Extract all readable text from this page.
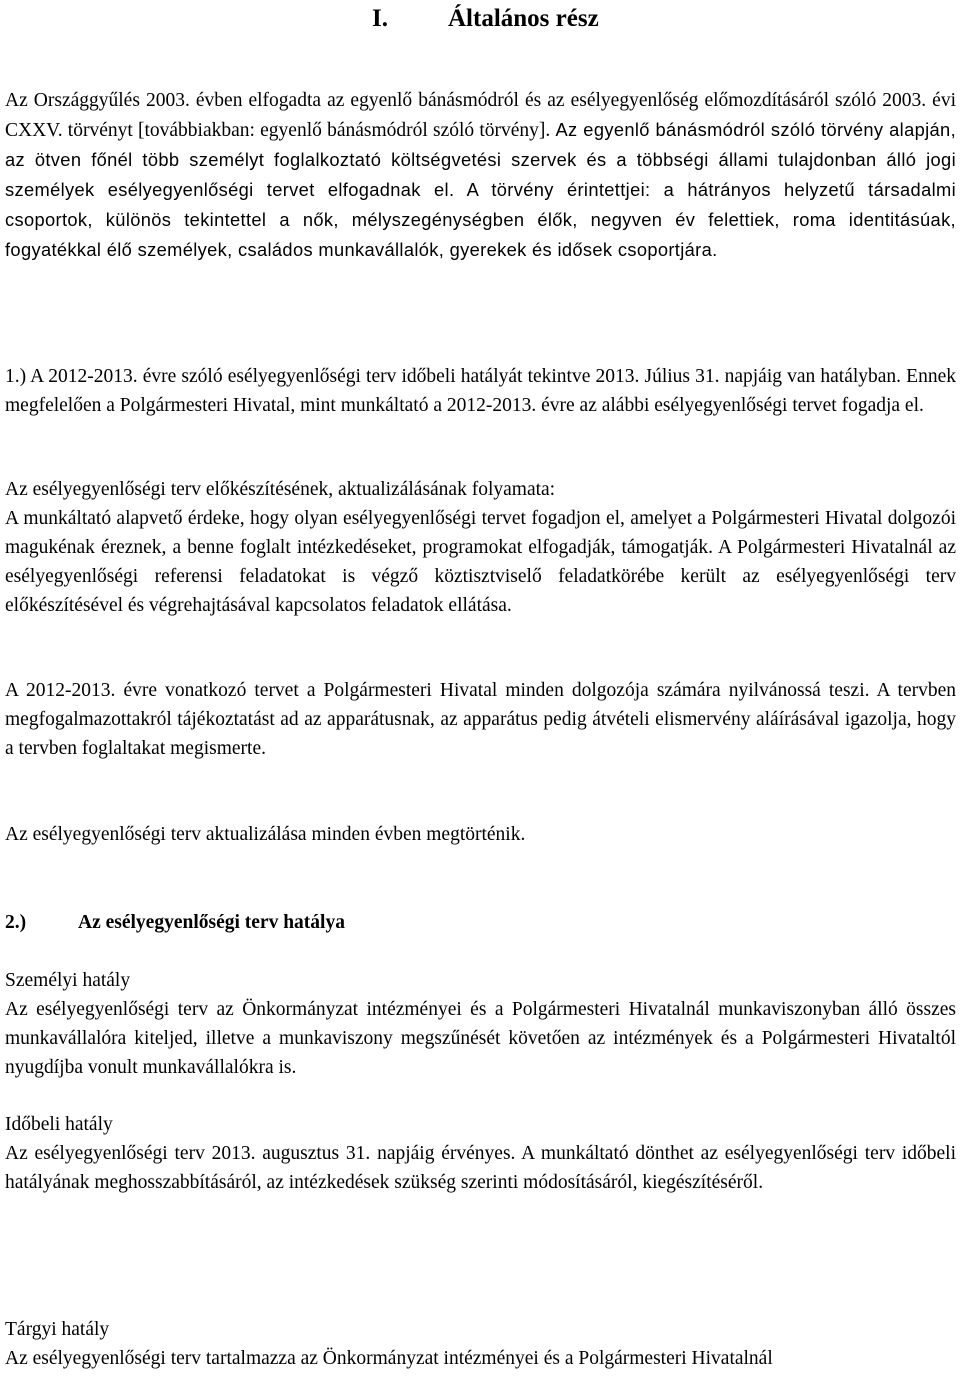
I. Általános rész

Az Országgyűlés 2003. évben elfogadta az egyenlő bánásmódról és az esélyegyenlőség előmozdításáról szóló 2003. évi CXXV. törvényt [továbbiakban: egyenlő bánásmódról szóló törvény]. Az egyenlő bánásmódról szóló törvény alapján, az ötven főnél több személyt foglalkoztató költségvetési szervek és a többségi állami tulajdonban álló jogi személyek esélyegyenlőségi tervet elfogadnak el. A törvény érintettjei: a hátrányos helyzetű társadalmi csoportok, különös tekintettel a nők, mélyszegénységben élők, negyven év felettiek, roma identitásúak, fogyatékkal élő személyek, családos munkavállalók, gyerekek és idősek csoportjára.

1.) A 2012-2013. évre szóló esélyegyenlőségi terv időbeli hatályát tekintve 2013. Július 31. napjáig van hatályban. Ennek megfelelően a Polgármesteri Hivatal, mint munkáltató a 2012-2013. évre az alábbi esélyegyenlőségi tervet fogadja el.

Az esélyegyenlőségi terv előkészítésének, aktualizálásának folyamata:
A munkáltató alapvető érdeke, hogy olyan esélyegyenlőségi tervet fogadjon el, amelyet a Polgármesteri Hivatal dolgozói magukénak éreznek, a benne foglalt intézkedéseket, programokat elfogadják, támogatják. A Polgármesteri Hivatalnál az esélyegyenlőségi referensi feladatokat is végző köztisztviselő feladatkörébe került az esélyegyenlőségi terv előkészítésével és végrehajtásával kapcsolatos feladatok ellátása.

A 2012-2013. évre vonatkozó tervet a Polgármesteri Hivatal minden dolgozója számára nyilvánossá teszi. A tervben megfogalmazottakról tájékoztatást ad az apparátusnak, az apparátus pedig átvételi elismervény aláírásával igazolja, hogy a tervben foglaltakat megismerte.

Az esélyegyenlőségi terv aktualizálása minden évben megtörténik.

2.)	Az esélyegyenlőségi terv hatálya

Személyi hatály
Az esélyegyenlőségi terv az Önkormányzat intézményei és a Polgármesteri Hivatalnál munkaviszonyban álló összes munkavállalóra kiteljed, illetve a munkaviszony megszűnését követően az intézmények és a Polgármesteri Hivataltól nyugdíjba vonult munkavállalókra is.

Időbeli hatály
Az esélyegyenlőségi terv 2013. augusztus 31. napjáig érvényes. A munkáltató dönthet az esélyegyenlőségi terv időbeli hatályának meghosszabbításáról, az intézkedések szükség szerinti módosításáról, kiegészítéséről.

Tárgyi hatály
Az esélyegyenlőségi terv tartalmazza az Önkormányzat intézményei és a Polgármesteri Hivatalnál
